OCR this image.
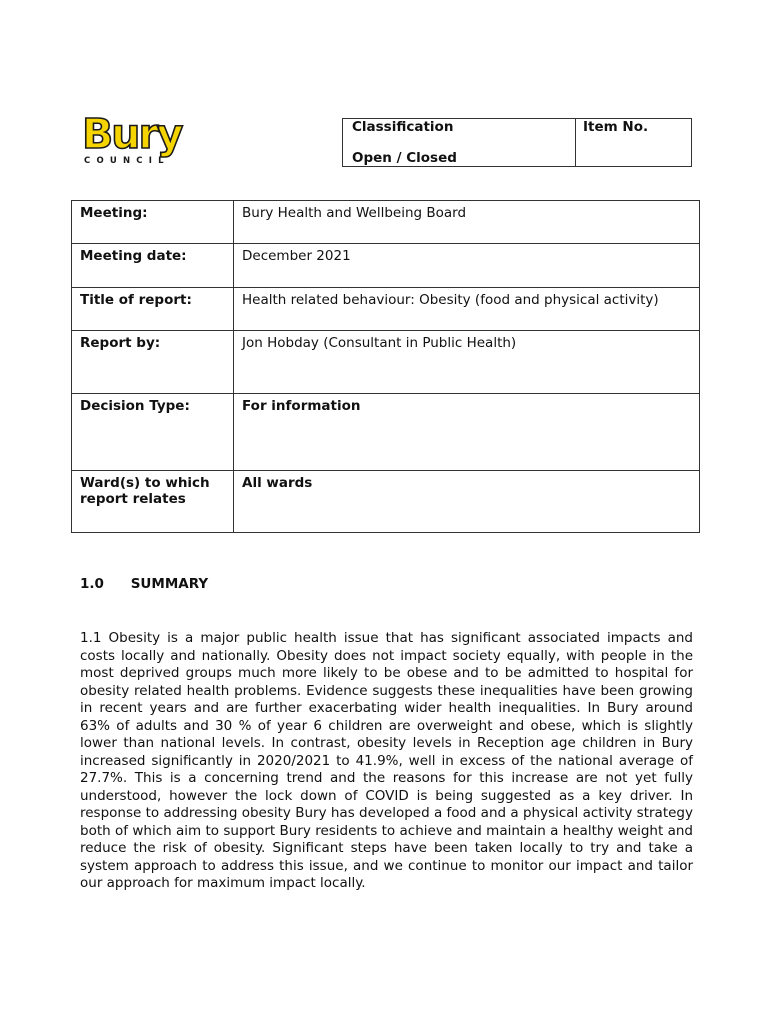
Bury
COUNCIL
Classification
Open / Closed
Item No.
Meeting:	Bury Health and Wellbeing Board
Meeting date:	December 2021
Title of report:	Health related behaviour: Obesity (food and physical activity)
Report by:	Jon Hobday (Consultant in Public Health)
Decision Type:	For information
Ward(s) to which report relates	All wards
1.0 SUMMARY

1.1 Obesity is a major public health issue that has significant associated impacts and costs locally and nationally. Obesity does not impact society equally, with people in the most deprived groups much more likely to be obese and to be admitted to hospital for obesity related health problems. Evidence suggests these inequalities have been growing in recent years and are further exacerbating wider health inequalities. In Bury around 63% of adults and 30 % of year 6 children are overweight and obese, which is slightly lower than national levels. In contrast, obesity levels in Reception age children in Bury increased significantly in 2020/2021 to 41.9%, well in excess of the national average of 27.7%. This is a concerning trend and the reasons for this increase are not yet fully understood, however the lock down of COVID is being suggested as a key driver. In response to addressing obesity Bury has developed a food and a physical activity strategy both of which aim to support Bury residents to achieve and maintain a healthy weight and reduce the risk of obesity. Significant steps have been taken locally to try and take a system approach to address this issue, and we continue to monitor our impact and tailor our approach for maximum impact locally.
